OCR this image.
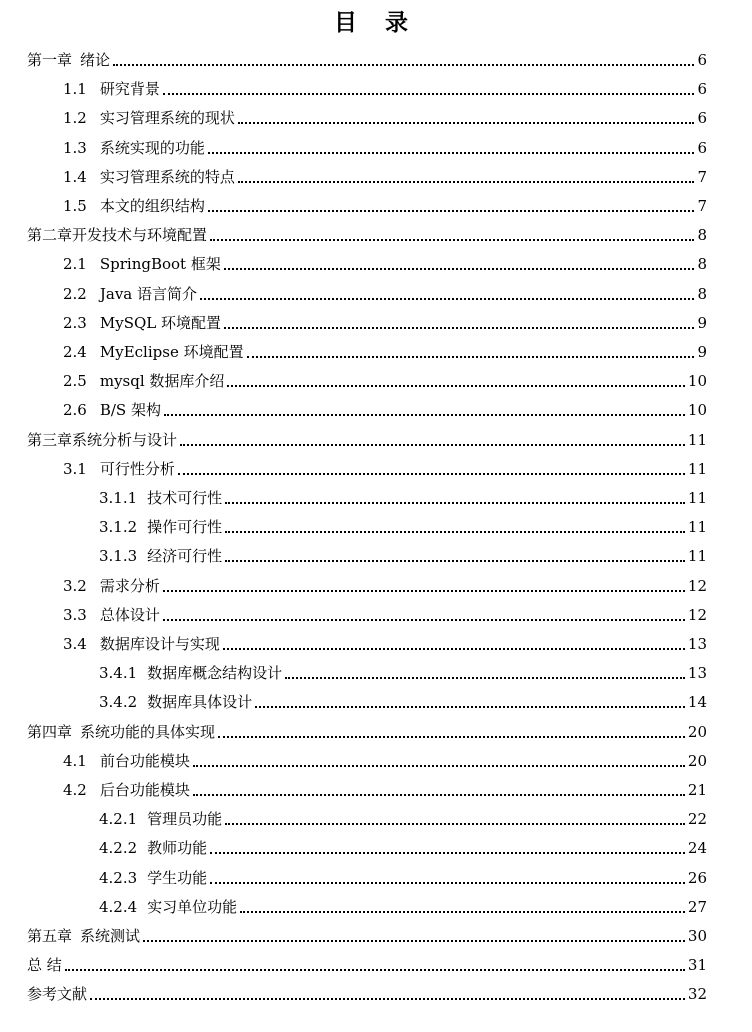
目 录
第一章 绪论	6
1.1 研究背景	6
1.2 实习管理系统的现状	6
1.3 系统实现的功能	6
1.4 实习管理系统的特点	7
1.5 本文的组织结构	7
第二章开发技术与环境配置	8
2.1 SpringBoot 框架	8
2.2 Java 语言简介	8
2.3 MySQL 环境配置	9
2.4 MyEclipse 环境配置	9
2.5 mysql 数据库介绍	10
2.6 B/S 架构	10
第三章系统分析与设计	11
3.1 可行性分析	11
3.1.1 技术可行性	11
3.1.2 操作可行性	11
3.1.3 经济可行性	11
3.2 需求分析	12
3.3 总体设计	12
3.4 数据库设计与实现	13
3.4.1 数据库概念结构设计	13
3.4.2 数据库具体设计	14
第四章 系统功能的具体实现	20
4.1 前台功能模块	20
4.2 后台功能模块	21
4.2.1 管理员功能	22
4.2.2 教师功能	24
4.2.3 学生功能	26
4.2.4 实习单位功能	27
第五章 系统测试	30
总 结	31
参考文献	32
